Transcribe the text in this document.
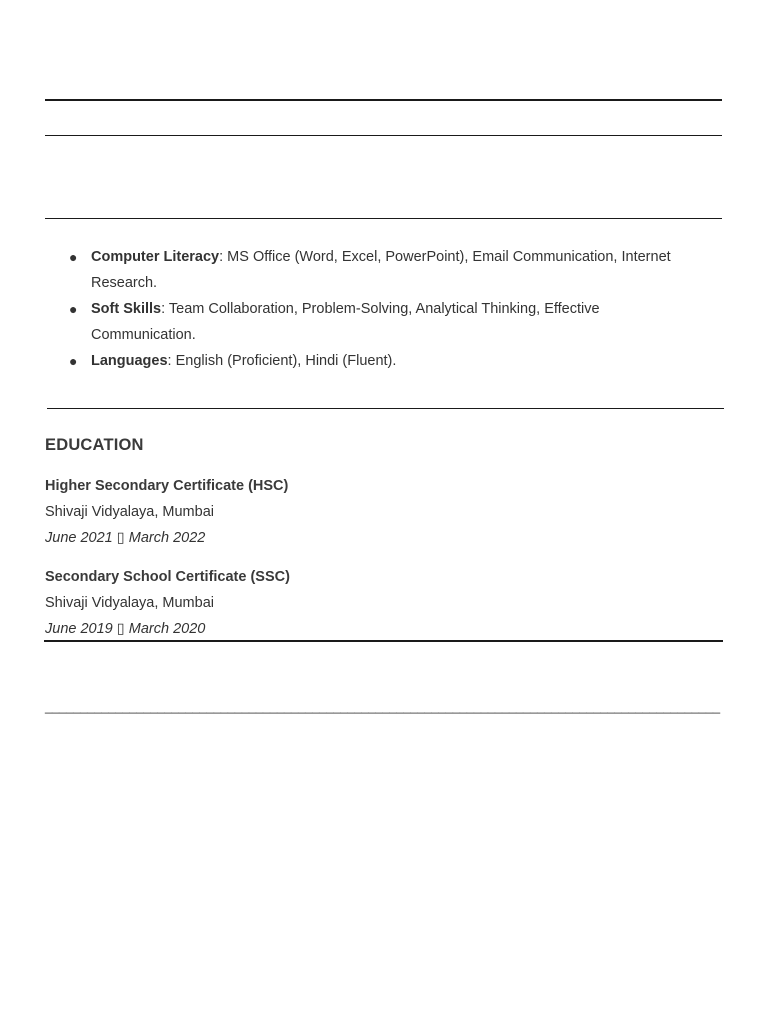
● Computer Literacy: MS Office (Word, Excel, PowerPoint), Email Communication, Internet Research.
● Soft Skills: Team Collaboration, Problem-Solving, Analytical Thinking, Effective Communication.
● Languages: English (Proficient), Hindi (Fluent).
EDUCATION
Higher Secondary Certificate (HSC)
Shivaji Vidyalaya, Mumbai
June 2021 ▯ March 2022
Secondary School Certificate (SSC)
Shivaji Vidyalaya, Mumbai
June 2019 ▯ March 2020
________________________________________________________________________________________________
